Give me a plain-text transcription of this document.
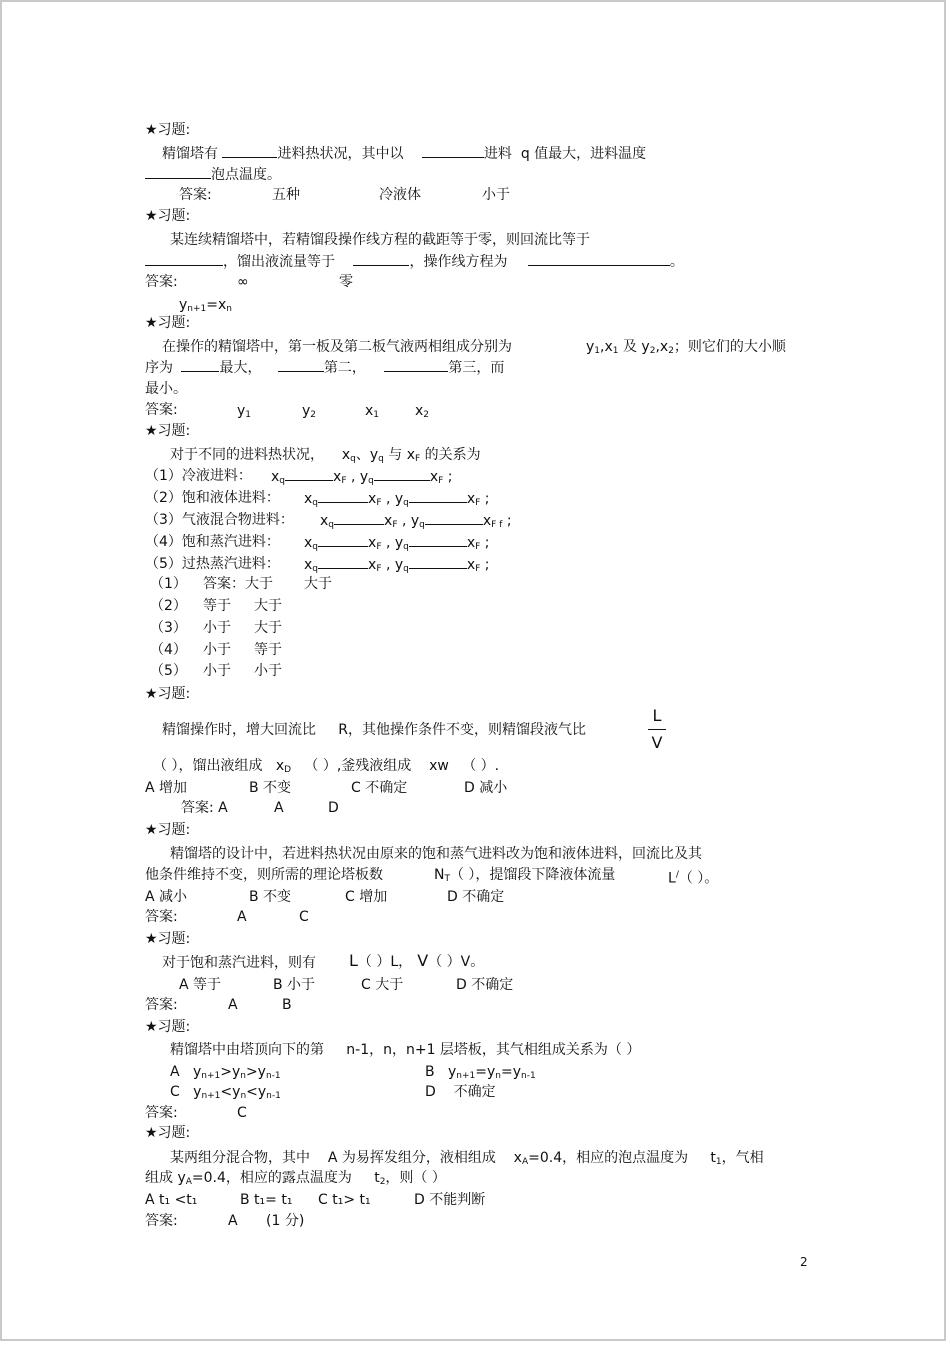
★习题:
精馏塔有	进料热状况，其中以	进料 q 值最大，进料温度
泡点温度。
答案:	五种	冷液体	小于
★习题:
某连续精馏塔中，若精馏段操作线方程的截距等于零，则回流比等于
，馏出液流量等于	，操作线方程为	。
答案:	∞	零
$y_{n+1}=x_n$
★习题:
在操作的精馏塔中，第一板及第二板气液两相组成分别为	$y_1,x_1$ 及 $y_2,x_2$；则它们的大小顺
序为	最大，	第二，	第三，而
最小。
答案:	$y_1$	$y_2$	$x_1$	$x_2$
★习题:
对于不同的进料热状况， $x_q$、$y_q$ 与 $x_F$ 的关系为
（1）冷液进料： $x_q$	$x_F$ , $y_q$	$x_F$ ;
（2）饱和液体进料： $x_q$	$x_F$ , $y_q$	$x_F$ ;
（3）气液混合物进料： $x_q$	$x_F$ , $y_q$	$x_{F f}$ ;
（4）饱和蒸汽进料： $x_q$	$x_F$ , $y_q$	$x_F$ ;
（5）过热蒸汽进料： $x_q$	$x_F$ , $y_q$	$x_F$ ;
（1） 答案：大于 大于
（2） 等于 大于
（3） 小于 大于
（4） 小于 等于
（5） 小于 小于
★习题:
精馏操作时，增大回流比 R，其他操作条件不变，则精馏段液气比
L
V
（ ），馏出液组成 $x_D$ （ ）,釜残液组成 xw （ ）.
A 增加	B 不变	C 不确定	D 减小
答案: A	A	D
★习题:
精馏塔的设计中，若进料热状况由原来的饱和蒸气进料改为饱和液体进料，回流比及其
他条件维持不变，则所需的理论塔板数	$N_T$（ ），提馏段下降液体流量	L/（ ）。
A 减小	B 不变	C 增加	D 不确定
答案:	A	C
★习题:
对于饱和蒸汽进料，则有 L（ ）L， V（ ）V。
A 等于	B 小于	C 大于	D 不确定
答案:	A	B
★习题:
精馏塔中由塔顶向下的第 n-1，n，n+1 层塔板，其气相组成关系为（ ）
A $y_{n+1}>y_n>y_{n-1}$	B $y_{n+1}=y_n=y_{n-1}$
C $y_{n+1}<y_n<y_{n-1}$	D 不确定
答案:	C
★习题:
某两组分混合物，其中 A 为易挥发组分，液相组成 $x_A=0.4$，相应的泡点温度为 $t_1$，气相
组成 $y_A=0.4$，相应的露点温度为 $t_2$，则（ ）
A t₁ <t₁	B t₁= t₁ C t₁> t₁	D 不能判断
答案:	A (1 分)
2
